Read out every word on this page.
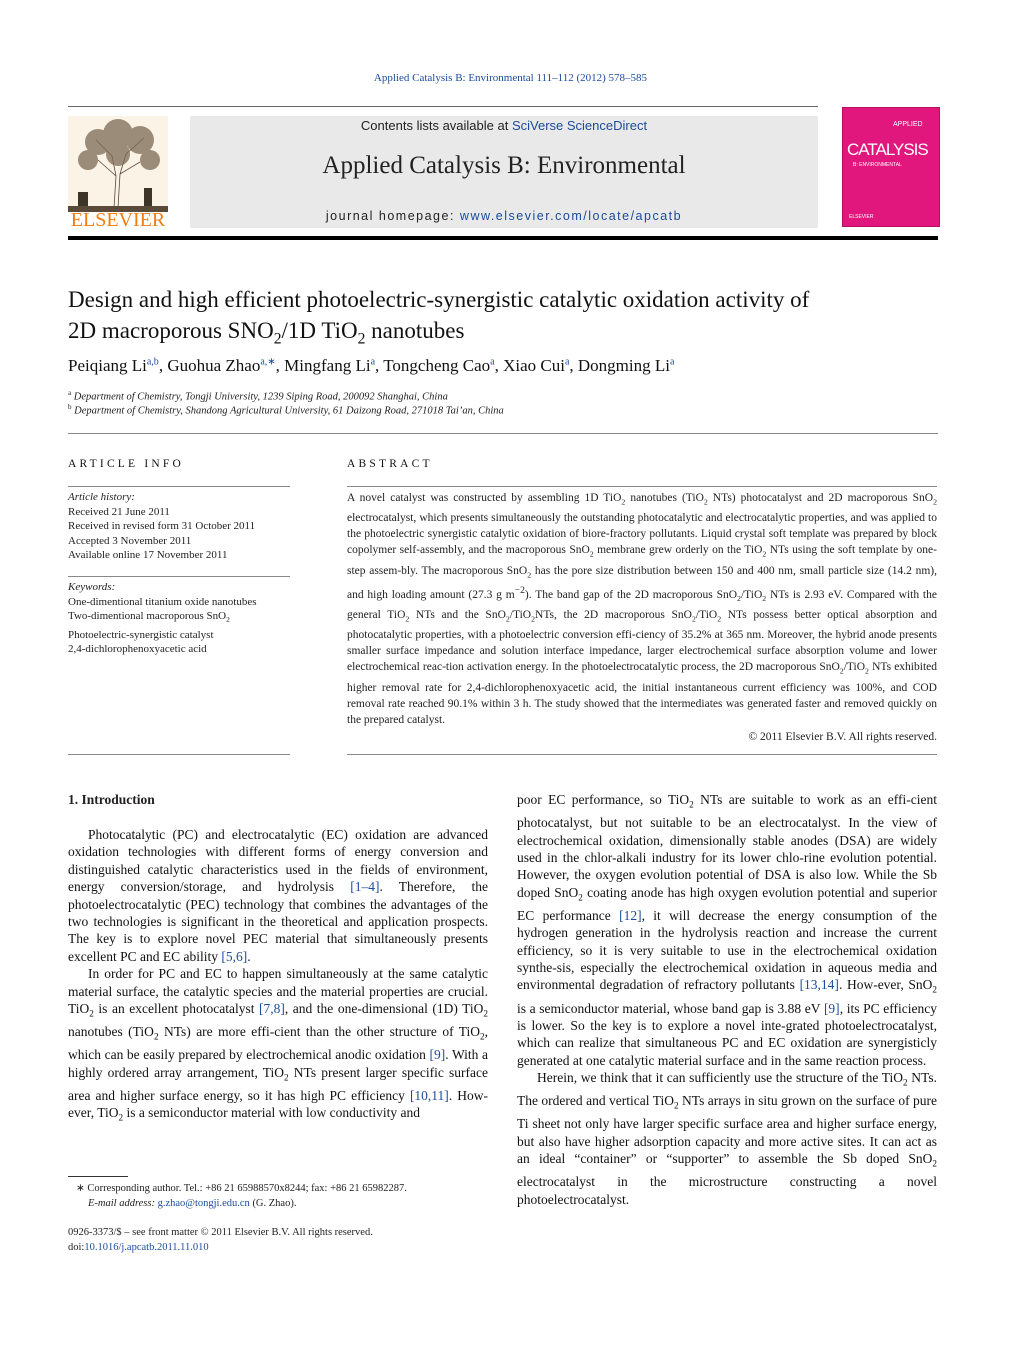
Applied Catalysis B: Environmental 111–112 (2012) 578–585
ELSEVIER
Contents lists available at SciVerse ScienceDirect
Applied Catalysis B: Environmental
journal homepage: www.elsevier.com/locate/apcatb
APPLIED
CATALYSIS
B: ENVIRONMENTAL
ELSEVIER
Design and high efficient photoelectric-synergistic catalytic oxidation activity of
2D macroporous $SNO_2/1D$ TiO$_2$ nanotubes
Peiqiang Li$^{a,b}$, Guohua Zhao$^{a,∗}$, Mingfang Li$^a$, Tongcheng Cao$^a$, Xiao Cui$^a$, Dongming Li$^a$
$^a$ Department of Chemistry, Tongji University, 1239 Siping Road, 200092 Shanghai, China
$^b$ Department of Chemistry, Shandong Agricultural University, 61 Daizong Road, 271018 Tai’an, China
ARTICLE INFO
Article history:
Received 21 June 2011
Received in revised form 31 October 2011
Accepted 3 November 2011
Available online 17 November 2011
Keywords:
One-dimentional titanium oxide nanotubes
Two-dimentional macroporous SnO$_2$
Photoelectric-synergistic catalyst
2,4-dichlorophenoxyacetic acid
ABSTRACT
A novel catalyst was constructed by assembling 1D TiO$_2$ nanotubes (TiO$_2$ NTs) photocatalyst and 2D macroporous SnO$_2$ electrocatalyst, which presents simultaneously the outstanding photocatalytic and electrocatalytic properties, and was applied to the photoelectric synergistic catalytic oxidation of biore-fractory pollutants. Liquid crystal soft template was prepared by block copolymer self-assembly, and the macroporous SnO$_2$ membrane grew orderly on the TiO$_2$ NTs using the soft template by one-step assem-bly. The macroporous SnO$_2$ has the pore size distribution between 150 and 400 nm, small particle size (14.2 nm), and high loading amount (27.3 g $m^{-2}$). The band gap of the 2D macroporous SnO$_2$/TiO$_2$ NTs is 2.93 eV. Compared with the general TiO$_2$ NTs and the SnO$_2$/TiO$_2$NTs, the 2D macroporous SnO$_2$/TiO$_2$ NTs possess better optical absorption and photocatalytic properties, with a photoelectric conversion effi-ciency of 35.2% at 365 nm. Moreover, the hybrid anode presents smaller surface impedance and solution interface impedance, larger electrochemical surface absorption volume and lower electrochemical reac-tion activation energy. In the photoelectrocatalytic process, the 2D macroporous SnO$_2$/TiO$_2$ NTs exhibited higher removal rate for 2,4-dichlorophenoxyacetic acid, the initial instantaneous current efficiency was 100%, and COD removal rate reached 90.1% within 3 h. The study showed that the intermediates was generated faster and removed quickly on the prepared catalyst.
© 2011 Elsevier B.V. All rights reserved.
1. Introduction

Photocatalytic (PC) and electrocatalytic (EC) oxidation are advanced oxidation technologies with different forms of energy conversion and distinguished catalytic characteristics used in the fields of environment, energy conversion/storage, and hydrolysis [1–4]. Therefore, the photoelectrocatalytic (PEC) technology that combines the advantages of the two technologies is significant in the theoretical and application prospects. The key is to explore novel PEC material that simultaneously presents excellent PC and EC ability [5,6].

In order for PC and EC to happen simultaneously at the same catalytic material surface, the catalytic species and the material properties are crucial. TiO$_2$ is an excellent photocatalyst [7,8], and the one-dimensional (1D) TiO$_2$ nanotubes (TiO$_2$ NTs) are more effi-cient than the other structure of TiO$_2$, which can be easily prepared by electrochemical anodic oxidation [9]. With a highly ordered array arrangement, TiO$_2$ NTs present larger specific surface area and higher surface energy, so it has high PC efficiency [10,11]. How-ever, TiO$_2$ is a semiconductor material with low conductivity and

poor EC performance, so TiO$_2$ NTs are suitable to work as an effi-cient photocatalyst, but not suitable to be an electrocatalyst. In the view of electrochemical oxidation, dimensionally stable anodes (DSA) are widely used in the chlor-alkali industry for its lower chlo-rine evolution potential. However, the oxygen evolution potential of DSA is also low. While the Sb doped SnO$_2$ coating anode has high oxygen evolution potential and superior EC performance [12], it will decrease the energy consumption of the hydrogen generation in the hydrolysis reaction and increase the current efficiency, so it is very suitable to use in the electrochemical oxidation synthe-sis, especially the electrochemical oxidation in aqueous media and environmental degradation of refractory pollutants [13,14]. How-ever, SnO$_2$ is a semiconductor material, whose band gap is 3.88 eV [9], its PC efficiency is lower. So the key is to explore a novel inte-grated photoelectrocatalyst, which can realize that simultaneous PC and EC oxidation are synergisticly generated at one catalytic material surface and in the same reaction process.

Herein, we think that it can sufficiently use the structure of the TiO$_2$ NTs. The ordered and vertical TiO$_2$ NTs arrays in situ grown on the surface of pure Ti sheet not only have larger specific surface area and higher surface energy, but also have higher adsorption capacity and more active sites. It can act as an ideal “container” or “supporter” to assemble the Sb doped SnO$_2$ electrocatalyst in the microstructure constructing a novel photoelectrocatalyst.

∗ Corresponding author. Tel.: +86 21 65988570x8244; fax: +86 21 65982287.
E-mail address: g.zhao@tongji.edu.cn (G. Zhao).
0926-3373/$ – see front matter © 2011 Elsevier B.V. All rights reserved.
doi:10.1016/j.apcatb.2011.11.010
